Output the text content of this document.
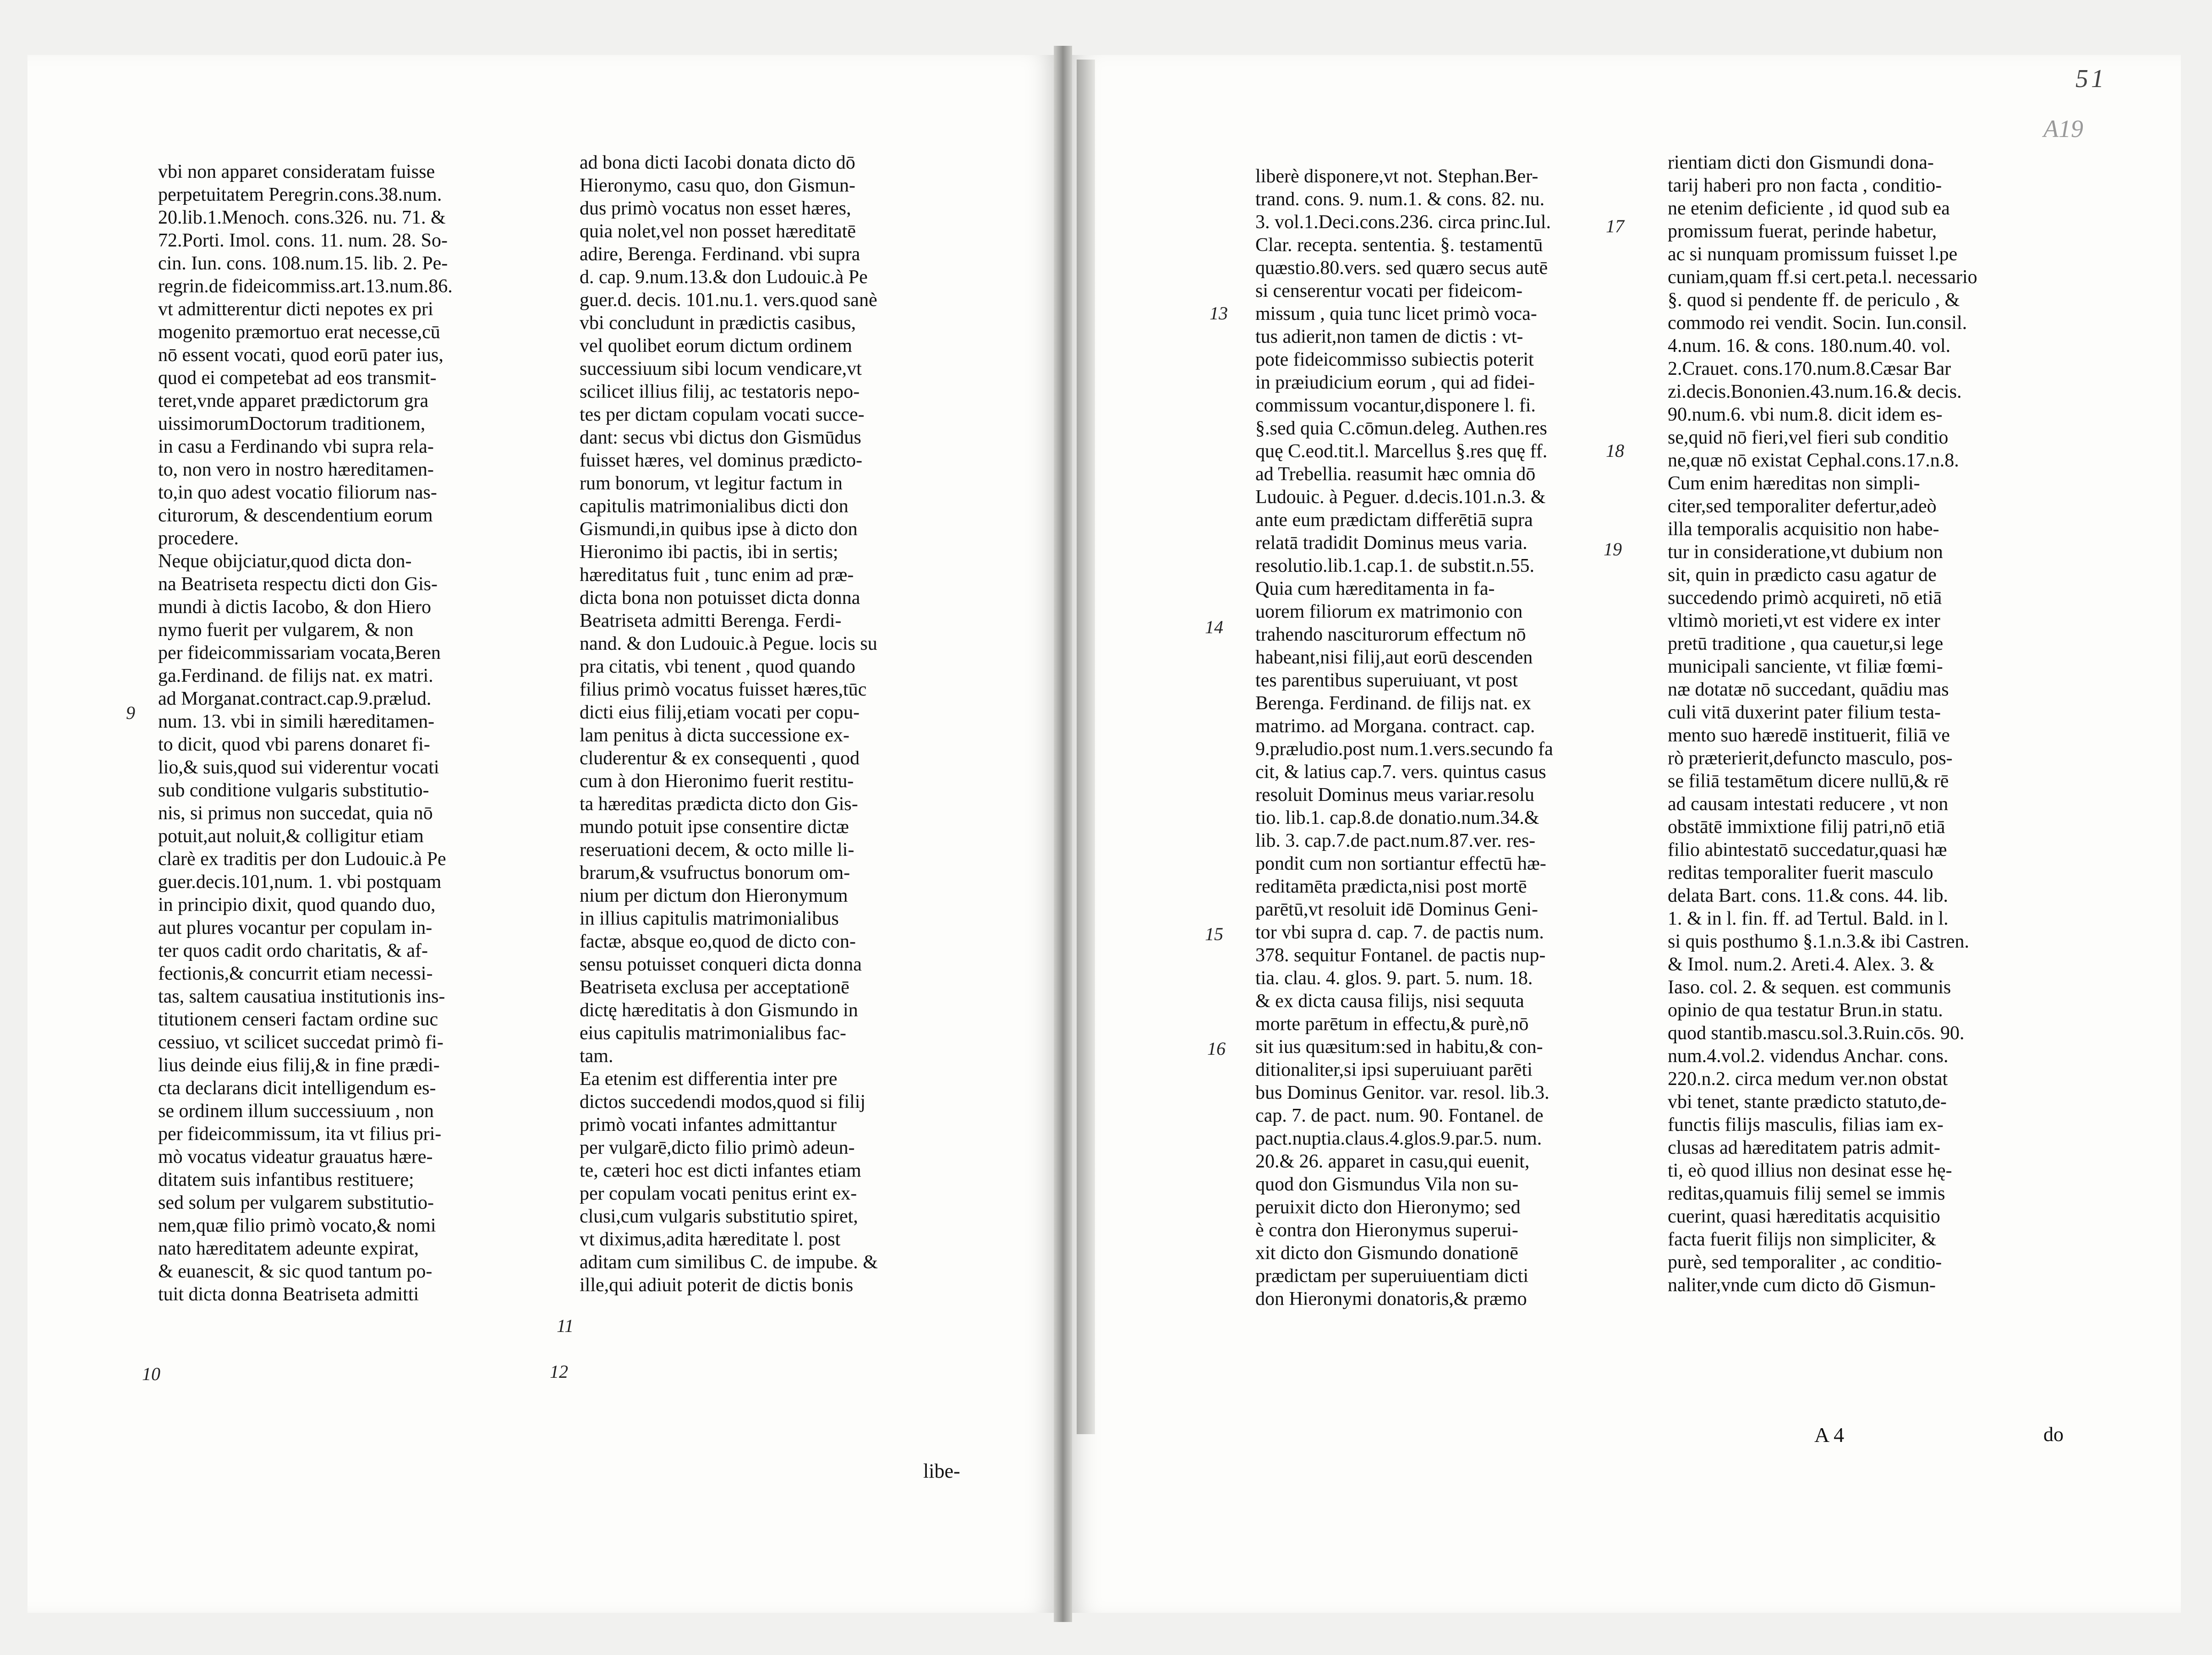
vbi non apparet consideratam fuisse
perpetuitatem Peregrin.cons.38.num.
20.lib.1.Menoch. cons.326. nu. 71. &
72.Porti. Imol. cons. 11. num. 28. So-
cin. Iun. cons. 108.num.15. lib. 2. Pe-
regrin.de fideicommiss.art.13.num.86.
vt admitterentur dicti nepotes ex pri
mogenito præmortuo erat necesse,cū
nō essent vocati, quod eorū pater ius,
quod ei competebat ad eos transmit-
teret,vnde apparet prædictorum gra
uissimorumDoctorum traditionem,
in casu a Ferdinando vbi supra rela-
to, non vero in nostro hæreditamen-
to,in quo adest vocatio filiorum nas-
citurorum, & descendentium eorum
procedere.
Neque obijciatur,quod dicta don-
na Beatriseta respectu dicti don Gis-
mundi à dictis Iacobo, & don Hiero
nymo fuerit per vulgarem, & non
per fideicommissariam vocata,Beren
ga.Ferdinand. de filijs nat. ex matri.
ad Morganat.contract.cap.9.prælud.
num. 13. vbi in simili hæreditamen-
to dicit, quod vbi parens donaret fi-
lio,& suis,quod sui viderentur vocati
sub conditione vulgaris substitutio-
nis, si primus non succedat, quia nō
potuit,aut noluit,& colligitur etiam
clarè ex traditis per don Ludouic.à Pe
guer.decis.101,num. 1. vbi postquam
in principio dixit, quod quando duo,
aut plures vocantur per copulam in-
ter quos cadit ordo charitatis, & af-
fectionis,& concurrit etiam necessi-
tas, saltem causatiua institutionis ins-
titutionem censeri factam ordine suc
cessiuo, vt scilicet succedat primò fi-
lius deinde eius filij,& in fine prædi-
cta declarans dicit intelligendum es-
se ordinem illum successiuum , non
per fideicommissum, ita vt filius pri-
mò vocatus videatur grauatus hære-
ditatem suis infantibus restituere;
sed solum per vulgarem substitutio-
nem,quæ filio primò vocato,& nomi
nato hæreditatem adeunte expirat,
& euanescit, & sic quod tantum po-
tuit dicta donna Beatriseta admitti
ad bona dicti Iacobi donata dicto dō
Hieronymo, casu quo, don Gismun-
dus primò vocatus non esset hæres,
quia nolet,vel non posset hæreditatē
adire, Berenga. Ferdinand. vbi supra
d. cap. 9.num.13.& don Ludouic.à Pe
guer.d. decis. 101.nu.1. vers.quod sanè
vbi concludunt in prædictis casibus,
vel quolibet eorum dictum ordinem
successiuum sibi locum vendicare,vt
scilicet illius filij, ac testatoris nepo-
tes per dictam copulam vocati succe-
dant: secus vbi dictus don Gismūdus
fuisset hæres, vel dominus prædicto-
rum bonorum, vt legitur factum in
capitulis matrimonialibus dicti don
Gismundi,in quibus ipse à dicto don
Hieronimo ibi pactis, ibi in sertis;
hæreditatus fuit , tunc enim ad præ-
dicta bona non potuisset dicta donna
Beatriseta admitti Berenga. Ferdi-
nand. & don Ludouic.à Pegue. locis su
pra citatis, vbi tenent , quod quando
filius primò vocatus fuisset hæres,tūc
dicti eius filij,etiam vocati per copu-
lam penitus à dicta successione ex-
cluderentur & ex consequenti , quod
cum à don Hieronimo fuerit restitu-
ta hæreditas prædicta dicto don Gis-
mundo potuit ipse consentire dictæ
reseruationi decem, & octo mille li-
brarum,& vsufructus bonorum om-
nium per dictum don Hieronymum
in illius capitulis matrimonialibus
factæ, absque eo,quod de dicto con-
sensu potuisset conqueri dicta donna
Beatriseta exclusa per acceptationē
dictę hæreditatis à don Gismundo in
eius capitulis matrimonialibus fac-
tam.
Ea etenim est differentia inter pre
dictos succedendi modos,quod si filij
primò vocati infantes admittantur
per vulgarē,dicto filio primò adeun-
te, cæteri hoc est dicti infantes etiam
per copulam vocati penitus erint ex-
clusi,cum vulgaris substitutio spiret,
vt diximus,adita hæreditate l. post
aditam cum similibus C. de impube. &
ille,qui adiuit poterit de dictis bonis
liberè disponere,vt not. Stephan.Ber-
trand. cons. 9. num.1. & cons. 82. nu.
3. vol.1.Deci.cons.236. circa princ.Iul.
Clar. recepta. sententia. §. testamentū
quæstio.80.vers. sed quæro secus autē
si censerentur vocati per fideicom-
missum , quia tunc licet primò voca-
tus adierit,non tamen de dictis : vt-
pote fideicommisso subiectis poterit
in præiudicium eorum , qui ad fidei-
commissum vocantur,disponere l. fi.
§.sed quia C.cōmun.deleg. Authen.res
quę C.eod.tit.l. Marcellus §.res quę ff.
ad Trebellia. reasumit hæc omnia dō
Ludouic. à Peguer. d.decis.101.n.3. &
ante eum prædictam differētiā supra
relatā tradidit Dominus meus varia.
resolutio.lib.1.cap.1. de substit.n.55.
Quia cum hæreditamenta in fa-
uorem filiorum ex matrimonio con
trahendo nasciturorum effectum nō
habeant,nisi filij,aut eorū descenden
tes parentibus superuiuant, vt post
Berenga. Ferdinand. de filijs nat. ex
matrimo. ad Morgana. contract. cap.
9.præludio.post num.1.vers.secundo fa
cit, & latius cap.7. vers. quintus casus
resoluit Dominus meus variar.resolu
tio. lib.1. cap.8.de donatio.num.34.&
lib. 3. cap.7.de pact.num.87.ver. res-
pondit cum non sortiantur effectū hæ-
reditamēta prædicta,nisi post mortē
parētū,vt resoluit idē Dominus Geni-
tor vbi supra d. cap. 7. de pactis num.
378. sequitur Fontanel. de pactis nup-
tia. clau. 4. glos. 9. part. 5. num. 18.
& ex dicta causa filijs, nisi sequuta
morte parētum in effectu,& purè,nō
sit ius quæsitum:sed in habitu,& con-
ditionaliter,si ipsi superuiuant parēti
bus Dominus Genitor. var. resol. lib.3.
cap. 7. de pact. num. 90. Fontanel. de
pact.nuptia.claus.4.glos.9.par.5. num.
20.& 26. apparet in casu,qui euenit,
quod don Gismundus Vila non su-
peruixit dicto don Hieronymo; sed
è contra don Hieronymus superui-
xit dicto don Gismundo donationē
prædictam per superuiuentiam dicti
don Hieronymi donatoris,& præmo
rientiam dicti don Gismundi dona-
tarij haberi pro non facta , conditio-
ne etenim deficiente , id quod sub ea
promissum fuerat, perinde habetur,
ac si nunquam promissum fuisset l.pe
cuniam,quam ff.si cert.peta.l. necessario
§. quod si pendente ff. de periculo , &
commodo rei vendit. Socin. Iun.consil.
4.num. 16. & cons. 180.num.40. vol.
2.Crauet. cons.170.num.8.Cæsar Bar
zi.decis.Bononien.43.num.16.& decis.
90.num.6. vbi num.8. dicit idem es-
se,quid nō fieri,vel fieri sub conditio
ne,quæ nō existat Cephal.cons.17.n.8.
Cum enim hæreditas non simpli-
citer,sed temporaliter defertur,adeò
illa temporalis acquisitio non habe-
tur in consideratione,vt dubium non
sit, quin in prædicto casu agatur de
succedendo primò acquireti, nō etiā
vltimò morieti,vt est videre ex inter
pretū traditione , qua cauetur,si lege
municipali sanciente, vt filiæ fœmi-
næ dotatæ nō succedant, quādiu mas
culi vitā duxerint pater filium testa-
mento suo hæredē instituerit, filiā ve
rò præterierit,defuncto masculo, pos-
se filiā testamētum dicere nullū,& rē
ad causam intestati reducere , vt non
obstātē immixtione filij patri,nō etiā
filio abintestatō succedatur,quasi hæ
reditas temporaliter fuerit masculo
delata Bart. cons. 11.& cons. 44. lib.
1. & in l. fin. ff. ad Tertul. Bald. in l.
si quis posthumo §.1.n.3.& ibi Castren.
& Imol. num.2. Areti.4. Alex. 3. &
Iaso. col. 2. & sequen. est communis
opinio de qua testatur Brun.in statu.
quod stantib.mascu.sol.3.Ruin.cōs. 90.
num.4.vol.2. videndus Anchar. cons.
220.n.2. circa medum ver.non obstat
vbi tenet, stante prædicto statuto,de-
functis filijs masculis, filias iam ex-
clusas ad hæreditatem patris admit-
ti, eò quod illius non desinat esse hę-
reditas,quamuis filij semel se immis
cuerint, quasi hæreditatis acquisitio
facta fuerit filijs non simpliciter, &
purè, sed temporaliter , ac conditio-
naliter,vnde cum dicto dō Gismun-
9
10
11
12
13
14
15
16
17
18
19
51
A19
A 4
libe-
do
